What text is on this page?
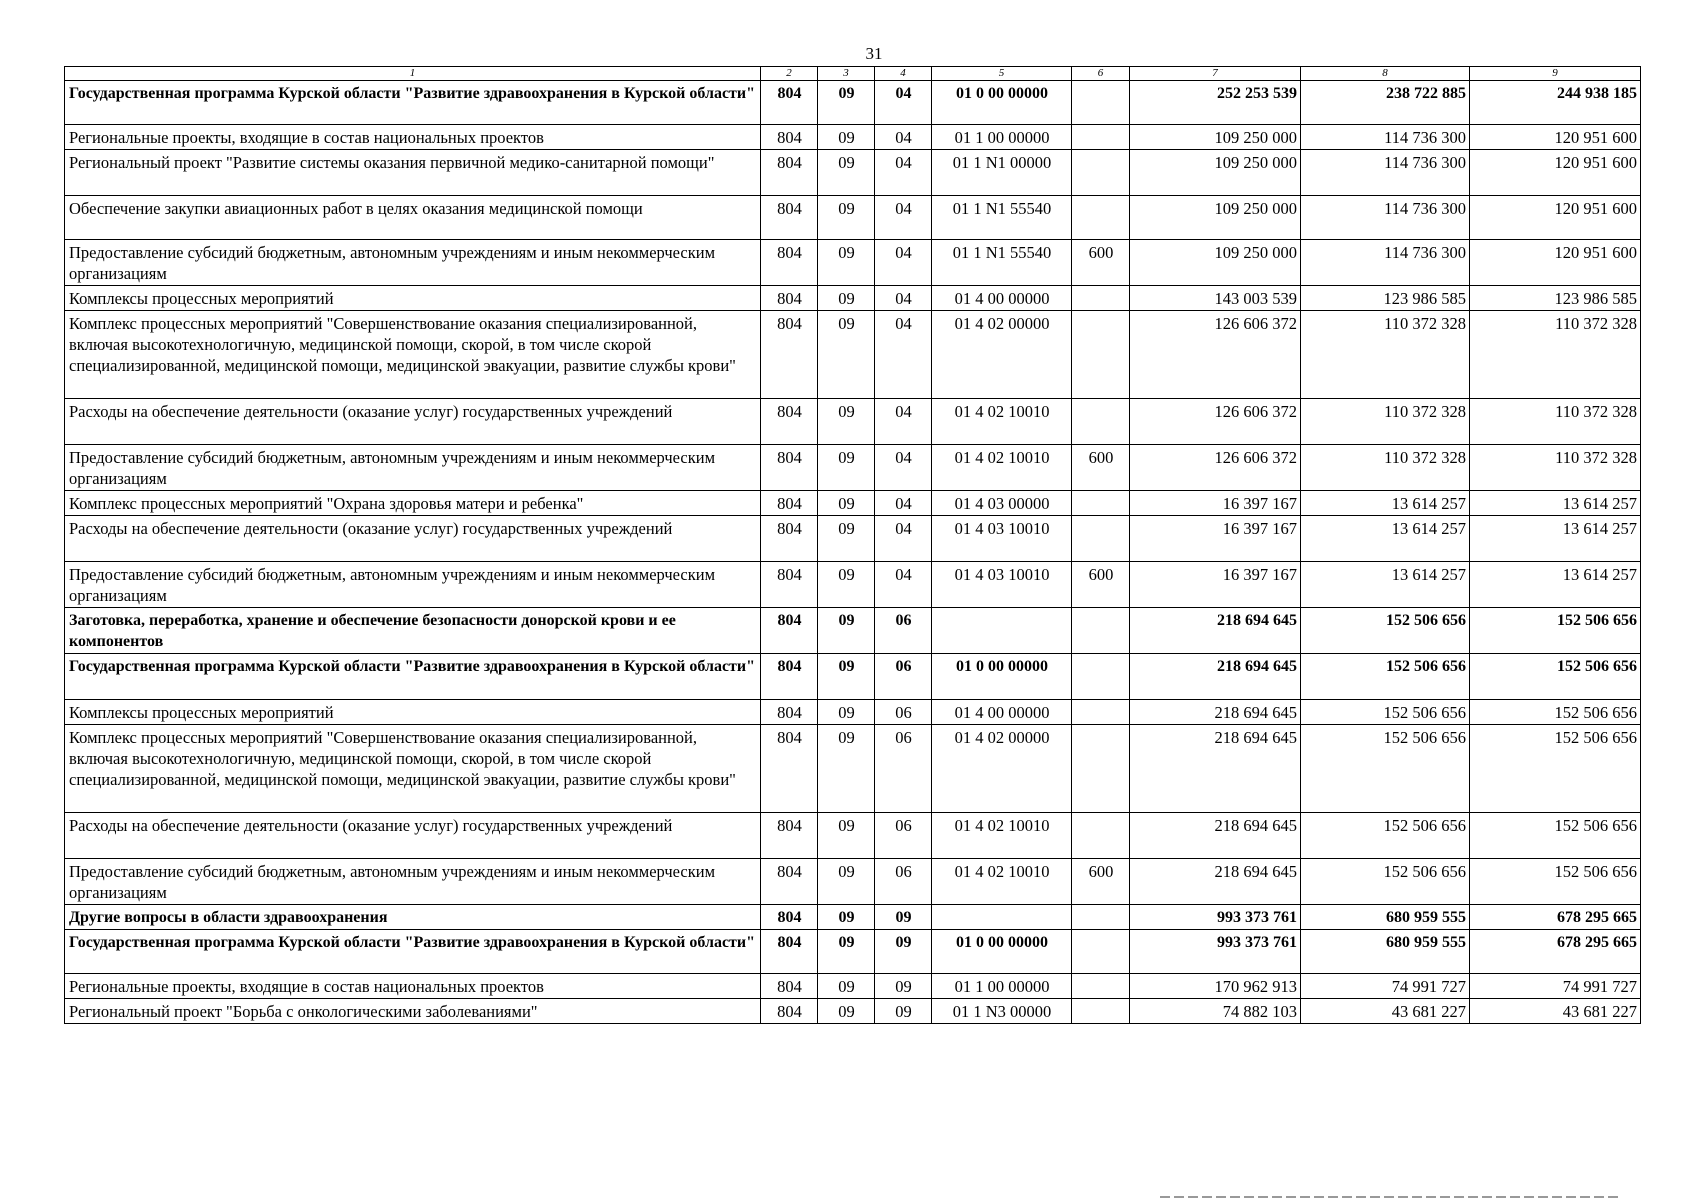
31
1	2	3	4	5	6	7	8	9
Государственная программа Курской области "Развитие здравоохранения в Курской области"	804	09	04	01 0 00 00000		252 253 539	238 722 885	244 938 185
Региональные проекты, входящие в состав национальных проектов	804	09	04	01 1 00 00000		109 250 000	114 736 300	120 951 600
Региональный проект "Развитие системы оказания первичной медико-санитарной помощи"	804	09	04	01 1 N1 00000		109 250 000	114 736 300	120 951 600
Обеспечение закупки авиационных работ в целях оказания медицинской помощи	804	09	04	01 1 N1 55540		109 250 000	114 736 300	120 951 600
Предоставление субсидий бюджетным, автономным учреждениям и иным некоммерческим организациям	804	09	04	01 1 N1 55540	600	109 250 000	114 736 300	120 951 600
Комплексы процессных мероприятий	804	09	04	01 4 00 00000		143 003 539	123 986 585	123 986 585
Комплекс процессных мероприятий "Совершенствование оказания специализированной, включая высокотехнологичную, медицинской помощи, скорой, в том числе скорой специализированной, медицинской помощи, медицинской эвакуации, развитие службы крови"	804	09	04	01 4 02 00000		126 606 372	110 372 328	110 372 328
Расходы на обеспечение деятельности (оказание услуг) государственных учреждений	804	09	04	01 4 02 10010		126 606 372	110 372 328	110 372 328
Предоставление субсидий бюджетным, автономным учреждениям и иным некоммерческим организациям	804	09	04	01 4 02 10010	600	126 606 372	110 372 328	110 372 328
Комплекс процессных мероприятий "Охрана здоровья матери и ребенка"	804	09	04	01 4 03 00000		16 397 167	13 614 257	13 614 257
Расходы на обеспечение деятельности (оказание услуг) государственных учреждений	804	09	04	01 4 03 10010		16 397 167	13 614 257	13 614 257
Предоставление субсидий бюджетным, автономным учреждениям и иным некоммерческим организациям	804	09	04	01 4 03 10010	600	16 397 167	13 614 257	13 614 257
Заготовка, переработка, хранение и обеспечение безопасности донорской крови и ее компонентов	804	09	06			218 694 645	152 506 656	152 506 656
Государственная программа Курской области "Развитие здравоохранения в Курской области"	804	09	06	01 0 00 00000		218 694 645	152 506 656	152 506 656
Комплексы процессных мероприятий	804	09	06	01 4 00 00000		218 694 645	152 506 656	152 506 656
Комплекс процессных мероприятий "Совершенствование оказания специализированной, включая высокотехнологичную, медицинской помощи, скорой, в том числе скорой специализированной, медицинской помощи, медицинской эвакуации, развитие службы крови"	804	09	06	01 4 02 00000		218 694 645	152 506 656	152 506 656
Расходы на обеспечение деятельности (оказание услуг) государственных учреждений	804	09	06	01 4 02 10010		218 694 645	152 506 656	152 506 656
Предоставление субсидий бюджетным, автономным учреждениям и иным некоммерческим организациям	804	09	06	01 4 02 10010	600	218 694 645	152 506 656	152 506 656
Другие вопросы в области здравоохранения	804	09	09			993 373 761	680 959 555	678 295 665
Государственная программа Курской области "Развитие здравоохранения в Курской области"	804	09	09	01 0 00 00000		993 373 761	680 959 555	678 295 665
Региональные проекты, входящие в состав национальных проектов	804	09	09	01 1 00 00000		170 962 913	74 991 727	74 991 727
Региональный проект "Борьба с онкологическими заболеваниями"	804	09	09	01 1 N3 00000		74 882 103	43 681 227	43 681 227
